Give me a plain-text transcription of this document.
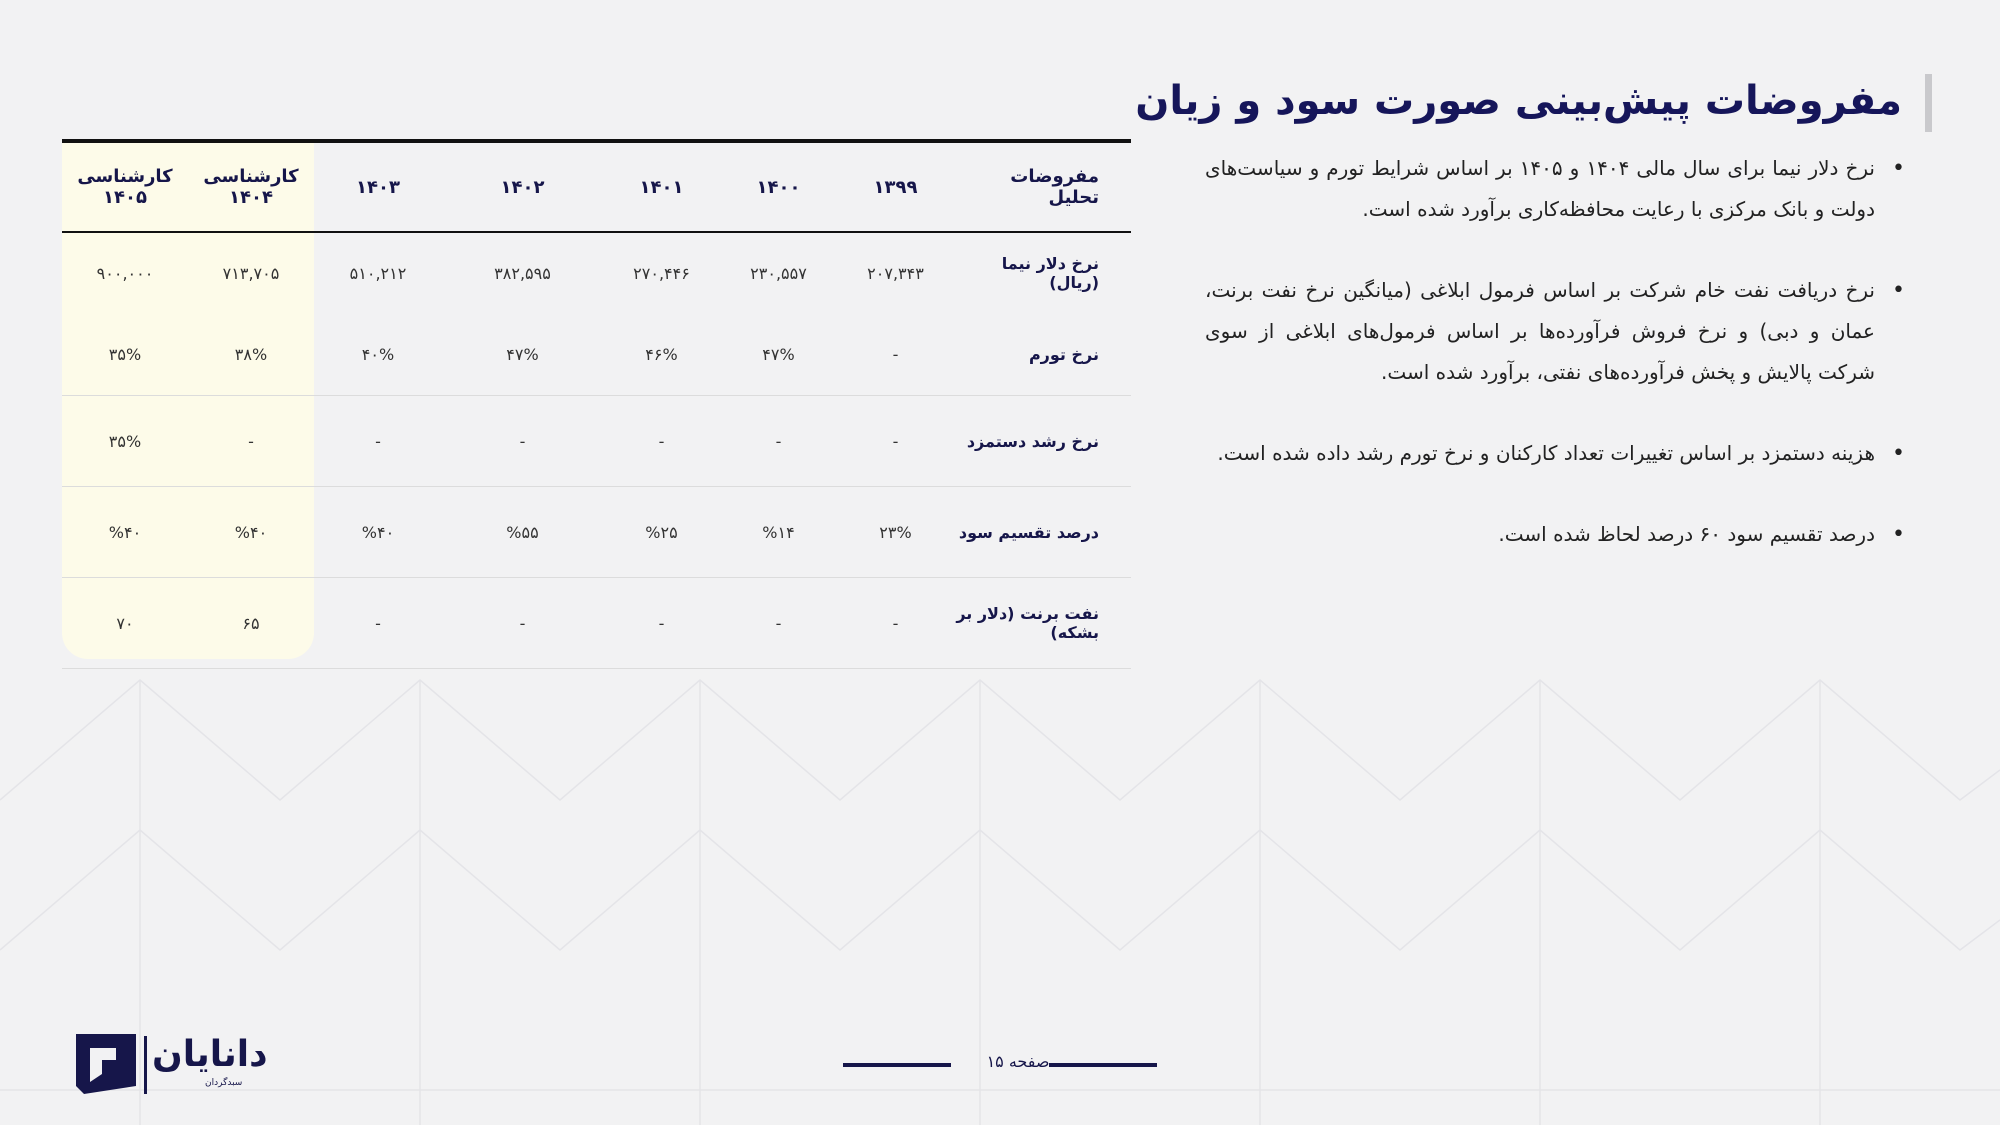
مفروضات پیش‌بینی صورت سود و زیان
• نرخ دلار نیما برای سال مالی ۱۴۰۴ و ۱۴۰۵ بر اساس شرایط تورم و سیاست‌های دولت و بانک مرکزی با رعایت محافظه‌کاری برآورد شده است.
• نرخ دریافت نفت خام شرکت بر اساس فرمول ابلاغی (میانگین نرخ نفت برنت، عمان و دبی) و نرخ فروش فرآورده‌ها بر اساس فرمول‌های ابلاغی از سوی شرکت پالایش و پخش فرآورده‌های نفتی، برآورد شده است.
• هزینه دستمزد بر اساس تغییرات تعداد کارکنان و نرخ تورم رشد داده شده است.
• درصد تقسیم سود ۶۰ درصد لحاظ شده است.
مفروضات تحلیل	۱۳۹۹	۱۴۰۰	۱۴۰۱	۱۴۰۲	۱۴۰۳	کارشناسی ۱۴۰۴	کارشناسی ۱۴۰۵
نرخ دلار نیما (ریال)	۲۰۷,۳۴۳	۲۳۰,۵۵۷	۲۷۰,۴۴۶	۳۸۲,۵۹۵	۵۱۰,۲۱۲	۷۱۳,۷۰۵	۹۰۰,۰۰۰
نرخ تورم	-	۴۷%	۴۶%	۴۷%	۴۰%	۳۸%	۳۵%
نرخ رشد دستمزد	-	-	-	-	-	-	۳۵%
درصد تقسیم سود	۲۳%	%۱۴	%۲۵	%۵۵	%۴۰	%۴۰	%۴۰
نفت برنت (دلار بر بشکه)	-	-	-	-	-	۶۵	۷۰
دانایان
سبدگردان
صفحه ۱۵
